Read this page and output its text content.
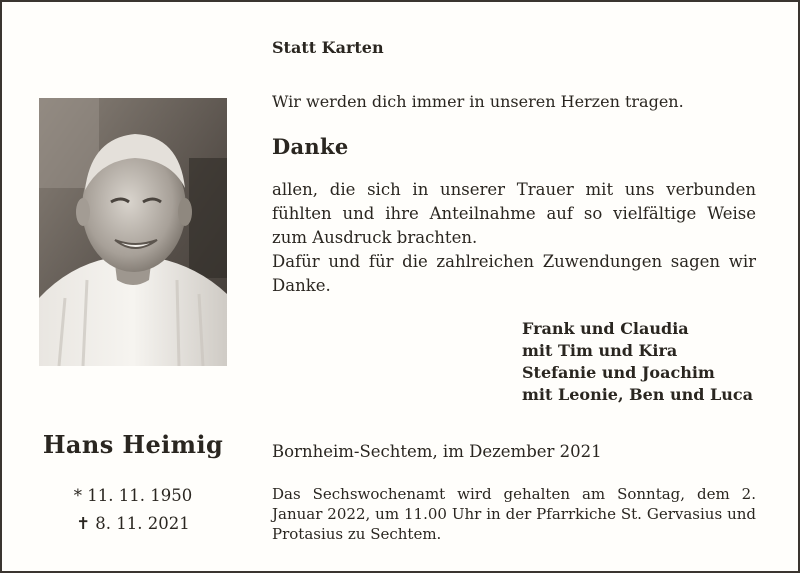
Hans Heimig
* 11. 11. 1950
✝ 8. 11. 2021
Statt Karten
Wir werden dich immer in unseren Herzen tragen.
Danke

allen, die sich in unserer Trauer mit uns verbunden fühlten und ihre Anteilnahme auf so vielfältige Weise zum Ausdruck brachten.

Dafür und für die zahlreichen Zuwendungen sagen wir Danke.

Frank und Claudia
mit Tim und Kira
Stefanie und Joachim
mit Leonie, Ben und Luca
Bornheim-Sechtem, im Dezember 2021
Das Sechswochenamt wird gehalten am Sonntag, dem 2. Januar 2022, um 11.00 Uhr in der Pfarrkiche St. Gervasius und Protasius zu Sechtem.
